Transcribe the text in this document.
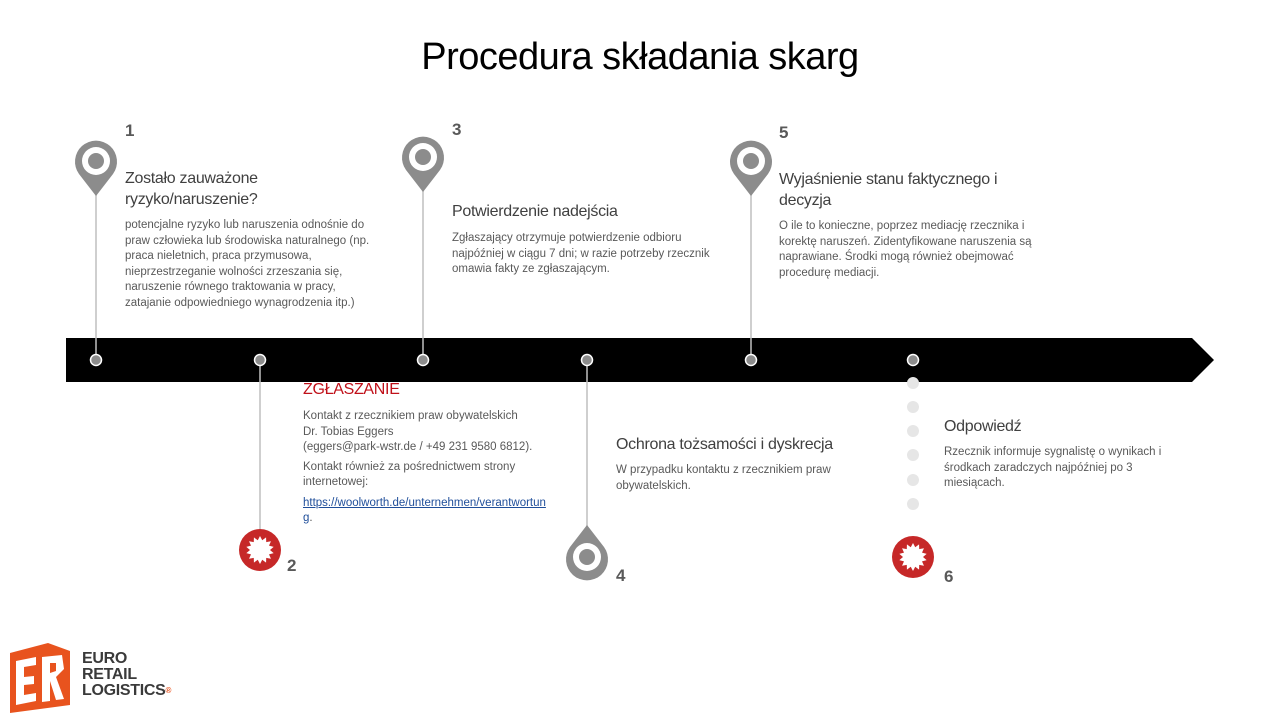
Procedura składania skarg
1
Zostało zauważone ryzyko/naruszenie?
potencjalne ryzyko lub naruszenia odnośnie do praw człowieka lub środowiska naturalnego (np. praca nieletnich, praca przymusowa, nieprzestrzeganie wolności zrzeszania się, naruszenie równego traktowania w pracy, zatajanie odpowiedniego wynagrodzenia itp.)
ZGŁASZANIE
Kontakt z rzecznikiem praw obywatelskich
Dr. Tobias Eggers
(eggers@park-wstr.de / +49 231 9580 6812).
Kontakt również za pośrednictwem strony internetowej:
https://woolworth.de/unternehmen/verantwortung.
2
3
Potwierdzenie nadejścia
Zgłaszający otrzymuje potwierdzenie odbioru najpóźniej w ciągu 7 dni; w razie potrzeby rzecznik omawia fakty ze zgłaszającym.
Ochrona tożsamości i dyskrecja
W przypadku kontaktu z rzecznikiem praw obywatelskich.
4
5
Wyjaśnienie stanu faktycznego i decyzja
O ile to konieczne, poprzez mediację rzecznika i korektę naruszeń. Zidentyfikowane naruszenia są naprawiane. Środki mogą również obejmować procedurę mediacji.
Odpowiedź
Rzecznik informuje sygnalistę o wynikach i środkach zaradczych najpóźniej po 3 miesiącach.
6
EURO
RETAIL
LOGISTICS®
